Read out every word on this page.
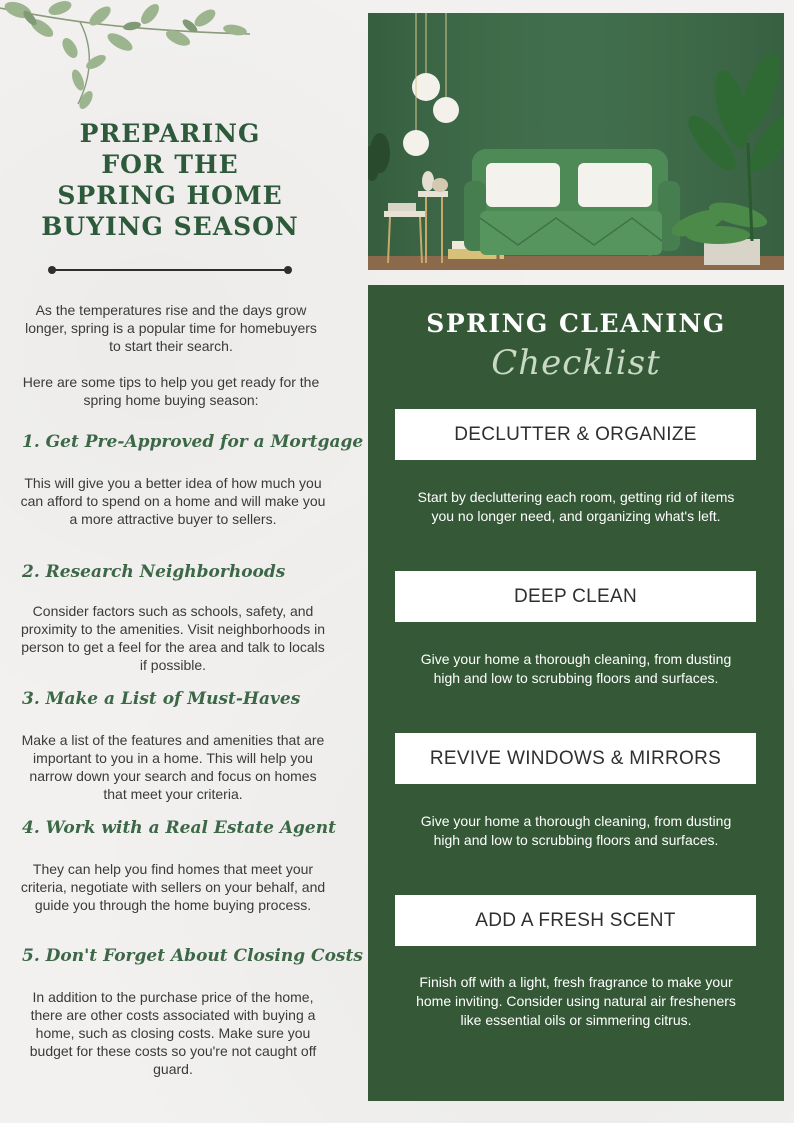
PREPARING
FOR THE
SPRING HOME
BUYING SEASON

As the temperatures rise and the days grow longer, spring is a popular time for homebuyers to start their search.

Here are some tips to help you get ready for the spring home buying season:

1. Get Pre-Approved for a Mortgage

This will give you a better idea of how much you can afford to spend on a home and will make you a more attractive buyer to sellers.

2. Research Neighborhoods

Consider factors such as schools, safety, and proximity to the amenities. Visit neighborhoods in person to get a feel for the area and talk to locals if possible.

3. Make a List of Must-Haves

Make a list of the features and amenities that are important to you in a home. This will help you narrow down your search and focus on homes that meet your criteria.

4. Work with a Real Estate Agent

They can help you find homes that meet your criteria, negotiate with sellers on your behalf, and guide you through the home buying process.

5. Don't Forget About Closing Costs

In addition to the purchase price of the home, there are other costs associated with buying a home, such as closing costs. Make sure you budget for these costs so you're not caught off guard.

SPRING CLEANING

Checklist

DECLUTTER & ORGANIZE

Start by decluttering each room, getting rid of items you no longer need, and organizing what's left.

DEEP CLEAN

Give your home a thorough cleaning, from dusting high and low to scrubbing floors and surfaces.

REVIVE WINDOWS & MIRRORS

Give your home a thorough cleaning, from dusting high and low to scrubbing floors and surfaces.

ADD A FRESH SCENT

Finish off with a light, fresh fragrance to make your home inviting. Consider using natural air fresheners like essential oils or simmering citrus.
